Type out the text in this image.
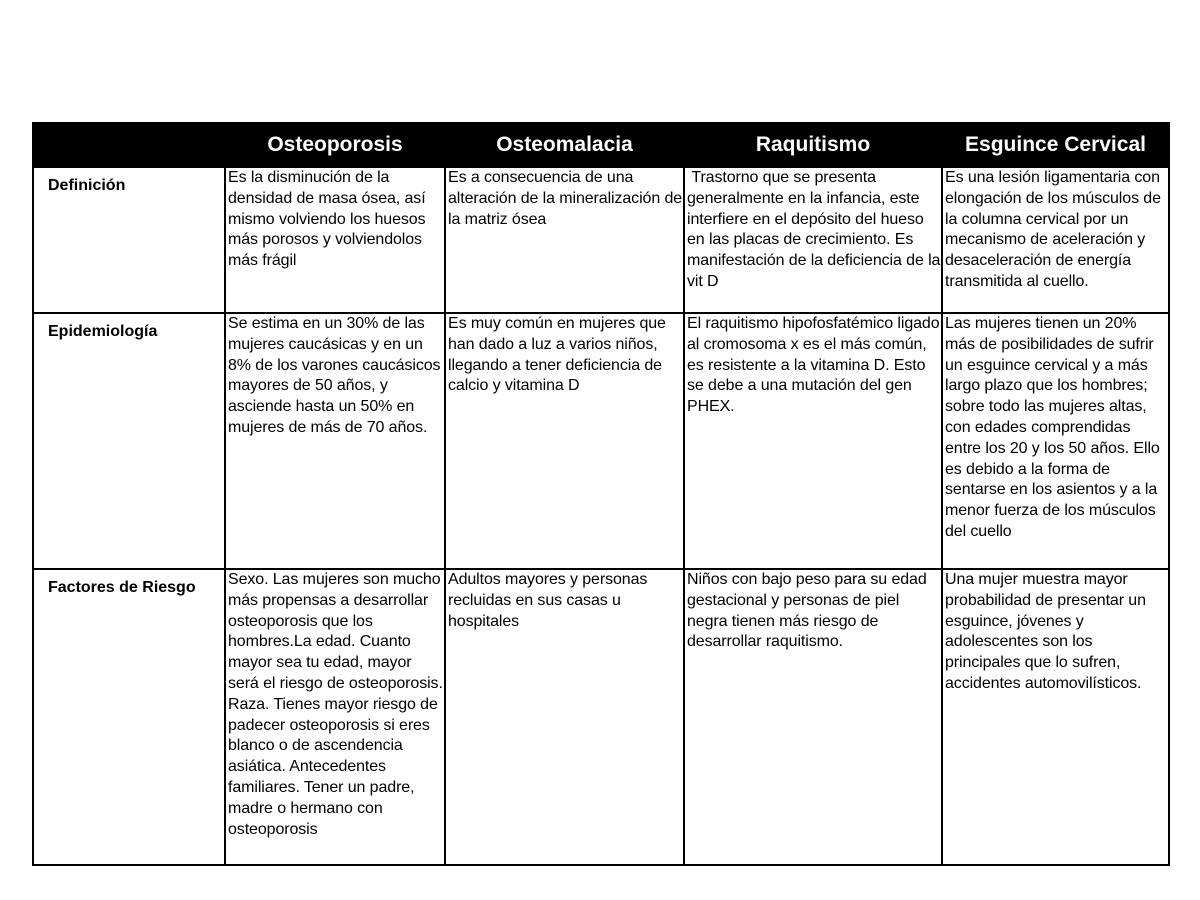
	Osteoporosis	Osteomalacia	Raquitismo	Esguince Cervical
Definición	Es la disminución de la densidad de masa ósea, así mismo volviendo los huesos más porosos y volviendolos más frágil	Es a consecuencia de una alteración de la mineralización de la matriz ósea	Trastorno que se presenta generalmente en la infancia, este interfiere en el depósito del hueso en las placas de crecimiento. Es manifestación de la deficiencia de la vit D	Es una lesión ligamentaria con elongación de los músculos de la columna cervical por un mecanismo de aceleración y desaceleración de energía transmitida al cuello.
Epidemiología	Se estima en un 30% de las mujeres caucásicas y en un 8% de los varones caucásicos mayores de 50 años, y asciende hasta un 50% en mujeres de más de 70 años.	Es muy común en mujeres que han dado a luz a varios niños, llegando a tener deficiencia de calcio y vitamina D	El raquitismo hipofosfatémico ligado al cromosoma x es el más común, es resistente a la vitamina D. Esto se debe a una mutación del gen PHEX.	Las mujeres tienen un 20% más de posibilidades de sufrir un esguince cervical y a más largo plazo que los hombres; sobre todo las mujeres altas, con edades comprendidas entre los 20 y los 50 años. Ello es debido a la forma de sentarse en los asientos y a la menor fuerza de los músculos del cuello
Factores de Riesgo	Sexo. Las mujeres son mucho más propensas a desarrollar osteoporosis que los hombres.La edad. Cuanto mayor sea tu edad, mayor será el riesgo de osteoporosis. Raza. Tienes mayor riesgo de padecer osteoporosis si eres blanco o de ascendencia asiática. Antecedentes familiares. Tener un padre, madre o hermano con osteoporosis	Adultos mayores y personas recluidas en sus casas u hospitales	Niños con bajo peso para su edad gestacional y personas de piel negra tienen más riesgo de desarrollar raquitismo.	Una mujer muestra mayor probabilidad de presentar un esguince, jóvenes y adolescentes son los principales que lo sufren, accidentes automovilísticos.
